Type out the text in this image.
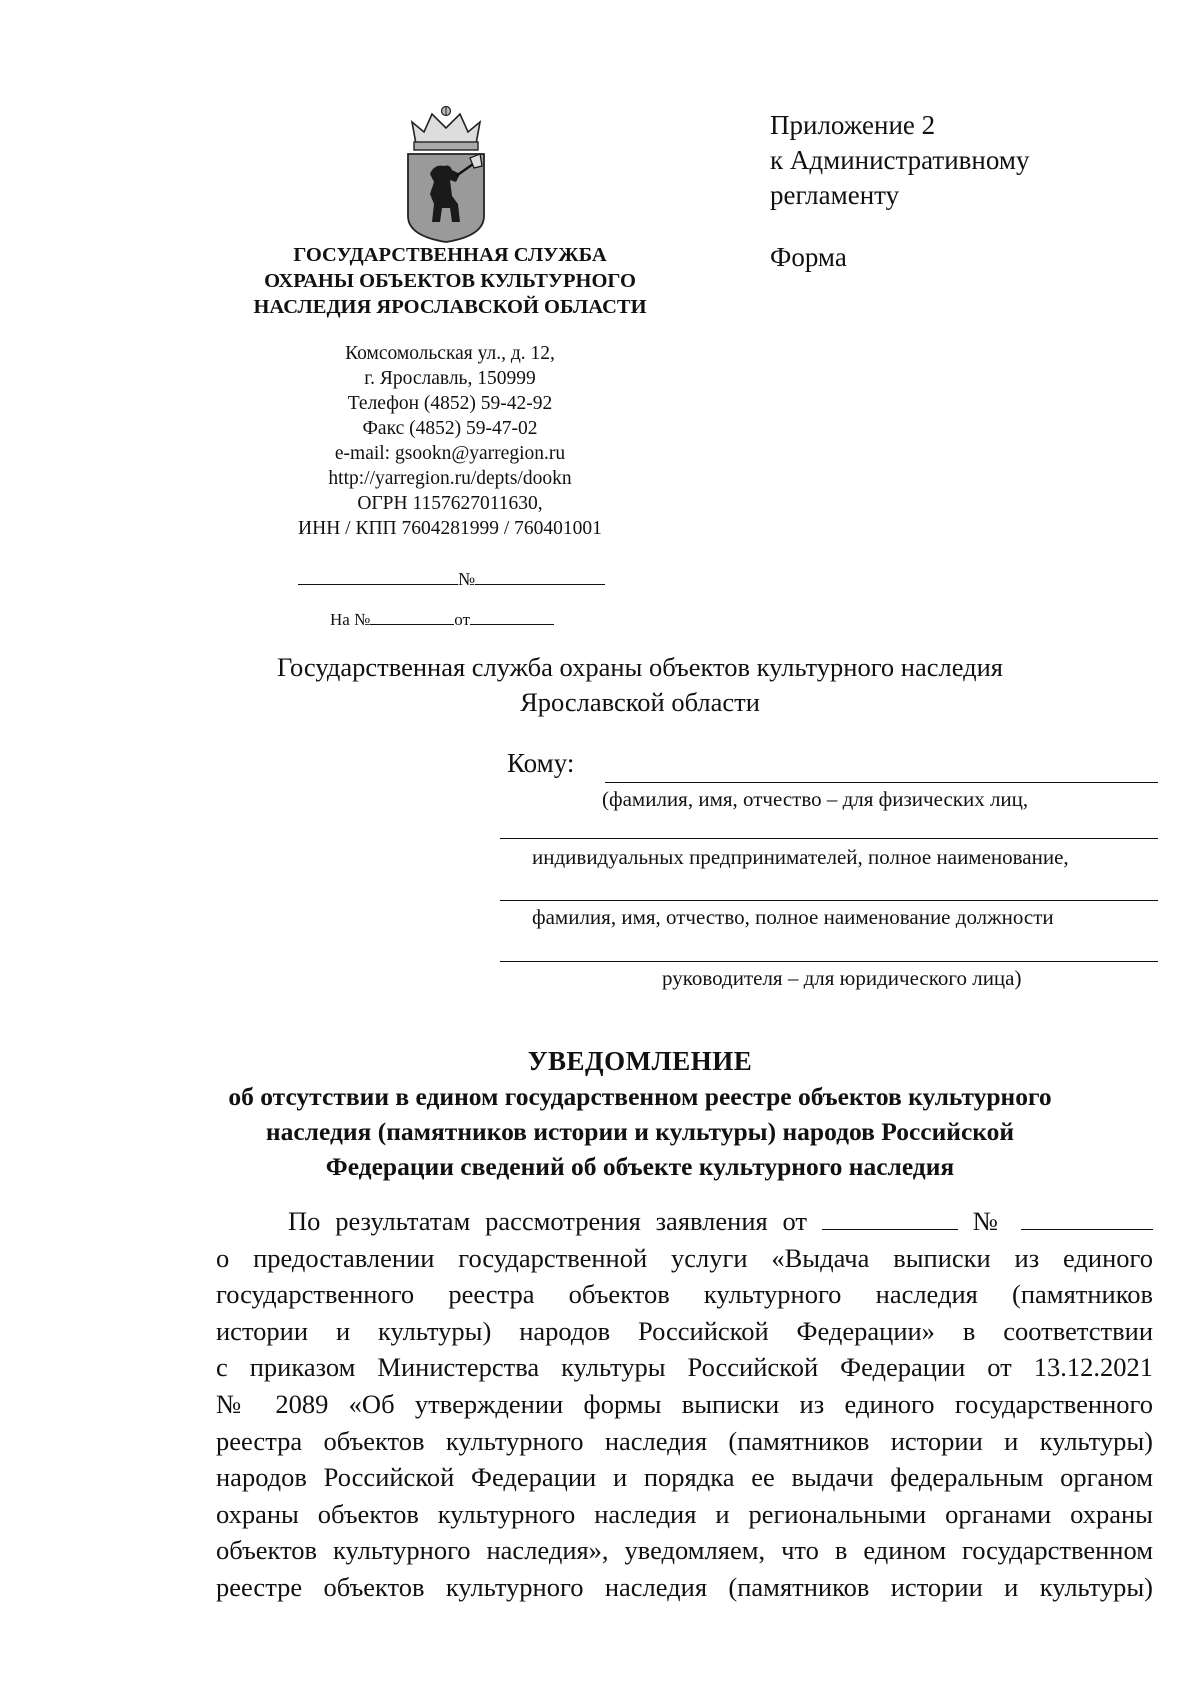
Приложение 2
к Административному
регламенту
Форма
ГОСУДАРСТВЕННАЯ СЛУЖБА
ОХРАНЫ ОБЪЕКТОВ КУЛЬТУРНОГО
НАСЛЕДИЯ ЯРОСЛАВСКОЙ ОБЛАСТИ
Комсомольская ул., д. 12,
г. Ярославль, 150999
Телефон (4852) 59-42-92
Факс (4852) 59-47-02
e-mail: gsookn@yarregion.ru
http://yarregion.ru/depts/dookn
ОГРН 1157627011630,
ИНН / КПП 7604281999 / 760401001
№
На №	от
Государственная служба охраны объектов культурного наследия
Ярославской области
Кому:
(фамилия, имя, отчество – для физических лиц,
индивидуальных предпринимателей, полное наименование,
фамилия, имя, отчество, полное наименование должности
руководителя – для юридического лица)
УВЕДОМЛЕНИЕ
об отсутствии в едином государственном реестре объектов культурного
наследия (памятников истории и культуры) народов Российской
Федерации сведений об объекте культурного наследия
По результатам рассмотрения заявления от	№
о предоставлении государственной услуги «Выдача выписки из единого
государственного реестра объектов культурного наследия (памятников
истории и культуры) народов Российской Федерации» в соответствии
с приказом Министерства культуры Российской Федерации от 13.12.2021
№ 2089 «Об утверждении формы выписки из единого государственного
реестра объектов культурного наследия (памятников истории и культуры)
народов Российской Федерации и порядка ее выдачи федеральным органом
охраны объектов культурного наследия и региональными органами охраны
объектов культурного наследия», уведомляем, что в едином государственном
реестре объектов культурного наследия (памятников истории и культуры)
